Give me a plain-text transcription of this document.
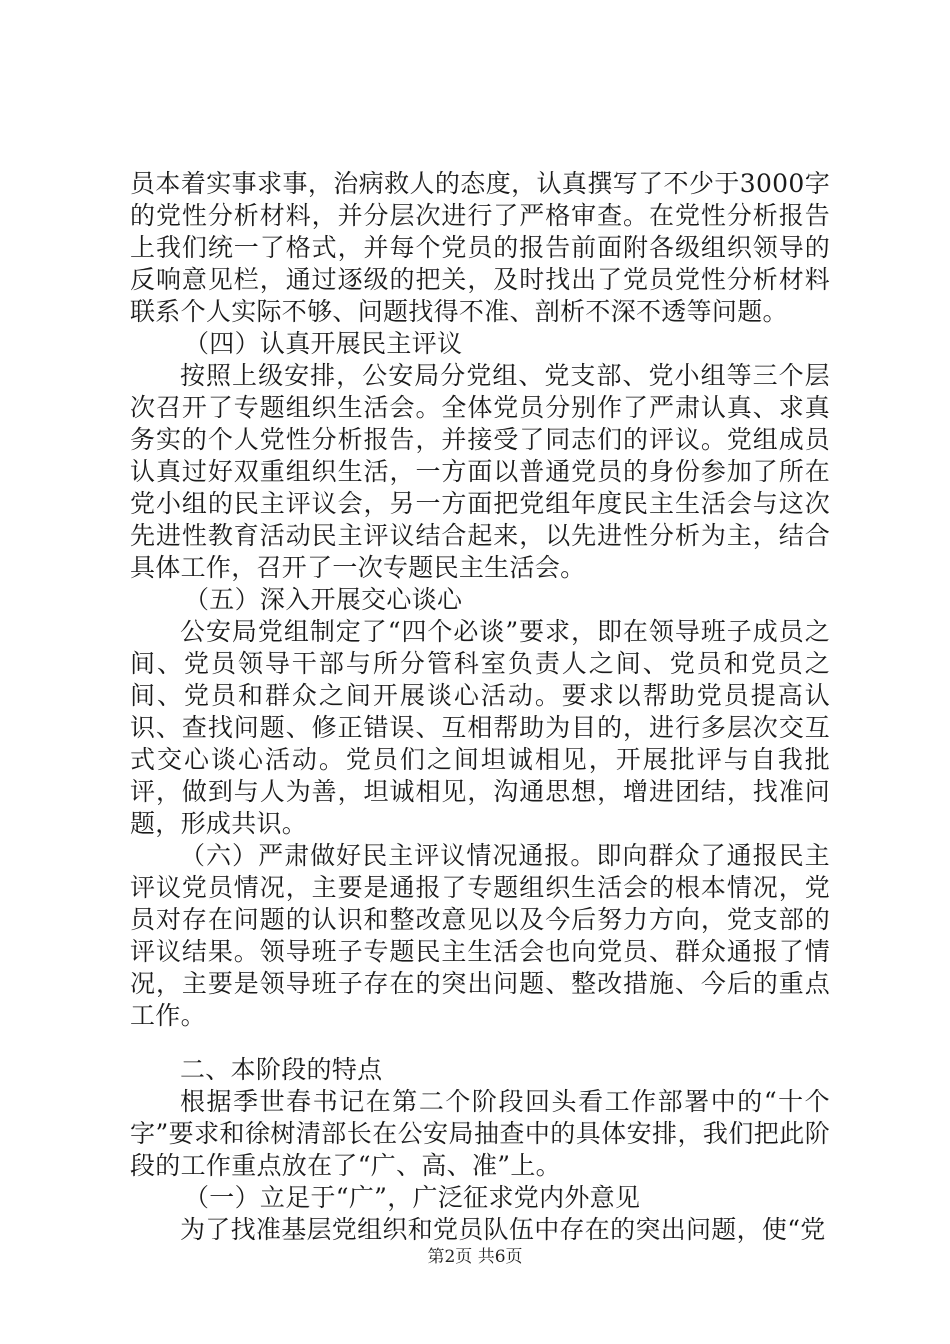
员本着实事求事，治病救人的态度，认真撰写了不少于3000字的党性分析材料，并分层次进行了严格审查。在党性分析报告上我们统一了格式，并每个党员的报告前面附各级组织领导的反响意见栏，通过逐级的把关，及时找出了党员党性分析材料联系个人实际不够、问题找得不准、剖析不深不透等问题。

（四）认真开展民主评议

按照上级安排，公安局分党组、党支部、党小组等三个层次召开了专题组织生活会。全体党员分别作了严肃认真、求真务实的个人党性分析报告，并接受了同志们的评议。党组成员认真过好双重组织生活，一方面以普通党员的身份参加了所在党小组的民主评议会，另一方面把党组年度民主生活会与这次先进性教育活动民主评议结合起来，以先进性分析为主，结合具体工作，召开了一次专题民主生活会。

（五）深入开展交心谈心

公安局党组制定了“四个必谈”要求，即在领导班子成员之间、党员领导干部与所分管科室负责人之间、党员和党员之间、党员和群众之间开展谈心活动。要求以帮助党员提高认识、查找问题、修正错误、互相帮助为目的，进行多层次交互式交心谈心活动。党员们之间坦诚相见，开展批评与自我批评，做到与人为善，坦诚相见，沟通思想，增进团结，找准问题，形成共识。

（六）严肃做好民主评议情况通报。即向群众了通报民主评议党员情况，主要是通报了专题组织生活会的根本情况，党员对存在问题的认识和整改意见以及今后努力方向，党支部的评议结果。领导班子专题民主生活会也向党员、群众通报了情况，主要是领导班子存在的突出问题、整改措施、今后的重点工作。

二、本阶段的特点

根据季世春书记在第二个阶段回头看工作部署中的“十个字”要求和徐树清部长在公安局抽查中的具体安排，我们把此阶段的工作重点放在了“广、高、准”上。

（一）立足于“广”，广泛征求党内外意见

为了找准基层党组织和党员队伍中存在的突出问题，使“党

第2页 共6页
